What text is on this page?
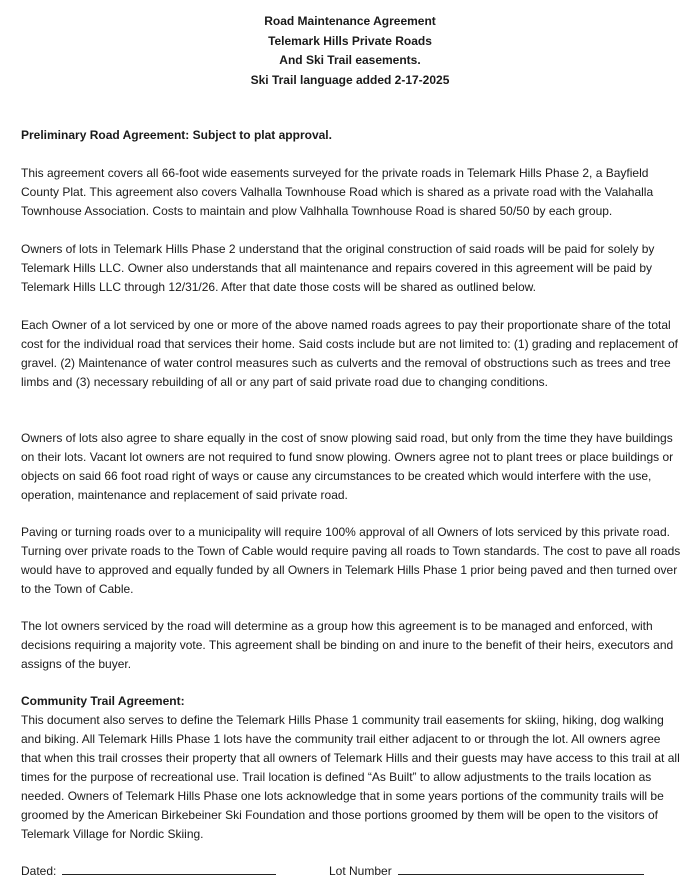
Road Maintenance Agreement
Telemark Hills Private Roads
And Ski Trail easements.
Ski Trail language added 2-17-2025
Preliminary Road Agreement: Subject to plat approval.
This agreement covers all 66-foot wide easements surveyed for the private roads in Telemark Hills Phase 2, a Bayfield County Plat. This agreement also covers Valhalla Townhouse Road which is shared as a private road with the Valahalla Townhouse Association. Costs to maintain and plow Valhhalla Townhouse Road is shared 50/50 by each group.
Owners of lots in Telemark Hills Phase 2 understand that the original construction of said roads will be paid for solely by Telemark Hills LLC. Owner also understands that all maintenance and repairs covered in this agreement will be paid by Telemark Hills LLC through 12/31/26. After that date those costs will be shared as outlined below.
Each Owner of a lot serviced by one or more of the above named roads agrees to pay their proportionate share of the total cost for the individual road that services their home. Said costs include but are not limited to: (1) grading and replacement of gravel. (2) Maintenance of water control measures such as culverts and the removal of obstructions such as trees and tree limbs and (3) necessary rebuilding of all or any part of said private road due to changing conditions.
Owners of lots also agree to share equally in the cost of snow plowing said road, but only from the time they have buildings on their lots. Vacant lot owners are not required to fund snow plowing. Owners agree not to plant trees or place buildings or objects on said 66 foot road right of ways or cause any circumstances to be created which would interfere with the use, operation, maintenance and replacement of said private road.
Paving or turning roads over to a municipality will require 100% approval of all Owners of lots serviced by this private road. Turning over private roads to the Town of Cable would require paving all roads to Town standards. The cost to pave all roads would have to approved and equally funded by all Owners in Telemark Hills Phase 1 prior being paved and then turned over to the Town of Cable.
The lot owners serviced by the road will determine as a group how this agreement is to be managed and enforced, with decisions requiring a majority vote. This agreement shall be binding on and inure to the benefit of their heirs, executors and assigns of the buyer.
Community Trail Agreement:
This document also serves to define the Telemark Hills Phase 1 community trail easements for skiing, hiking, dog walking and biking. All Telemark Hills Phase 1 lots have the community trail either adjacent to or through the lot. All owners agree that when this trail crosses their property that all owners of Telemark Hills and their guests may have access to this trail at all times for the purpose of recreational use. Trail location is defined “As Built” to allow adjustments to the trails location as needed. Owners of Telemark Hills Phase one lots acknowledge that in some years portions of the community trails will be groomed by the American Birkebeiner Ski Foundation and those portions groomed by them will be open to the visitors of Telemark Village for Nordic Skiing.
Dated:	Lot Number
